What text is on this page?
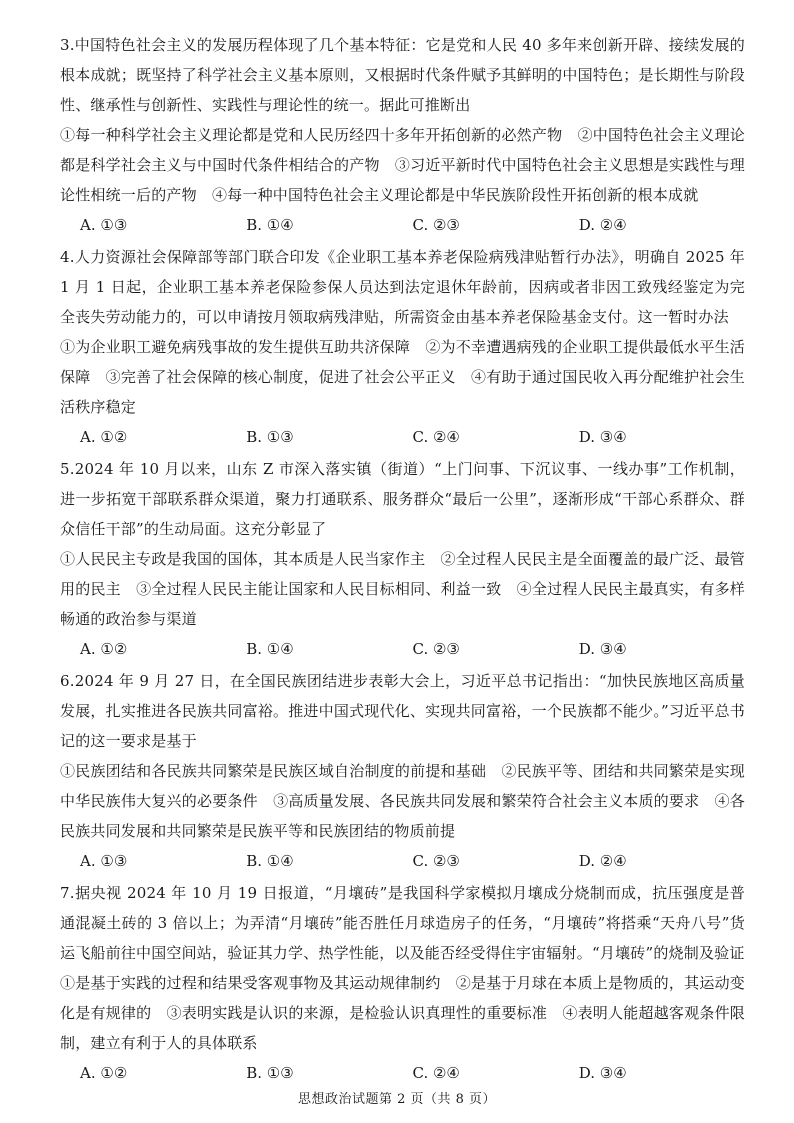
3.中国特色社会主义的发展历程体现了几个基本特征：它是党和人民 40 多年来创新开辟、接续发展的根本成就；既坚持了科学社会主义基本原则，又根据时代条件赋予其鲜明的中国特色；是长期性与阶段性、继承性与创新性、实践性与理论性的统一。据此可推断出

①每一种科学社会主义理论都是党和人民历经四十多年开拓创新的必然产物　②中国特色社会主义理论都是科学社会主义与中国时代条件相结合的产物　③习近平新时代中国特色社会主义思想是实践性与理论性相统一后的产物　④每一种中国特色社会主义理论都是中华民族阶段性开拓创新的根本成就

A. ①③	B. ①④	C. ②③	D. ②④

4.人力资源社会保障部等部门联合印发《企业职工基本养老保险病残津贴暂行办法》，明确自 2025 年 1 月 1 日起，企业职工基本养老保险参保人员达到法定退休年龄前，因病或者非因工致残经鉴定为完全丧失劳动能力的，可以申请按月领取病残津贴，所需资金由基本养老保险基金支付。这一暂时办法

①为企业职工避免病残事故的发生提供互助共济保障　②为不幸遭遇病残的企业职工提供最低水平生活保障　③完善了社会保障的核心制度，促进了社会公平正义　④有助于通过国民收入再分配维护社会生活秩序稳定

A. ①②	B. ①③	C. ②④	D. ③④

5.2024 年 10 月以来，山东 Z 市深入落实镇（街道）“上门问事、下沉议事、一线办事”工作机制，进一步拓宽干部联系群众渠道，聚力打通联系、服务群众“最后一公里”，逐渐形成“干部心系群众、群众信任干部”的生动局面。这充分彰显了

①人民民主专政是我国的国体，其本质是人民当家作主　②全过程人民民主是全面覆盖的最广泛、最管用的民主　③全过程人民民主能让国家和人民目标相同、利益一致　④全过程人民民主最真实，有多样畅通的政治参与渠道

A. ①②	B. ①④	C. ②③	D. ③④

6.2024 年 9 月 27 日，在全国民族团结进步表彰大会上，习近平总书记指出：“加快民族地区高质量发展，扎实推进各民族共同富裕。推进中国式现代化、实现共同富裕，一个民族都不能少。”习近平总书记的这一要求是基于

①民族团结和各民族共同繁荣是民族区域自治制度的前提和基础　②民族平等、团结和共同繁荣是实现中华民族伟大复兴的必要条件　③高质量发展、各民族共同发展和繁荣符合社会主义本质的要求　④各民族共同发展和共同繁荣是民族平等和民族团结的物质前提

A. ①③	B. ①④	C. ②③	D. ②④

7.据央视 2024 年 10 月 19 日报道，“月壤砖”是我国科学家模拟月壤成分烧制而成，抗压强度是普通混凝土砖的 3 倍以上；为弄清“月壤砖”能否胜任月球造房子的任务，“月壤砖”将搭乘“天舟八号”货运飞船前往中国空间站，验证其力学、热学性能，以及能否经受得住宇宙辐射。“月壤砖”的烧制及验证

①是基于实践的过程和结果受客观事物及其运动规律制约　②是基于月球在本质上是物质的，其运动变化是有规律的　③表明实践是认识的来源，是检验认识真理性的重要标准　④表明人能超越客观条件限制，建立有利于人的具体联系

A. ①②	B. ①③	C. ②④	D. ③④
思想政治试题第 2 页（共 8 页）
